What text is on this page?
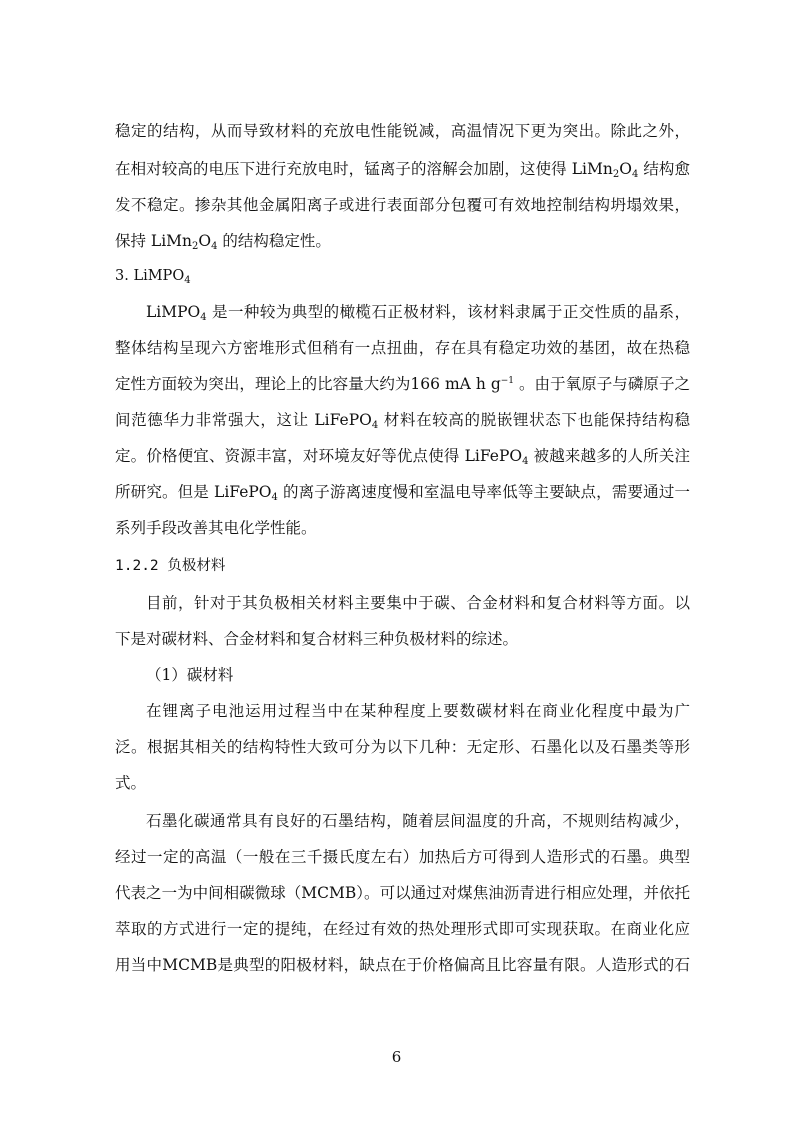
稳定的结构，从而导致材料的充放电性能锐减，高温情况下更为突出。除此之外，
在相对较高的电压下进行充放电时，锰离子的溶解会加剧，这使得 $LiMn_2O_4$ 结构愈
发不稳定。掺杂其他金属阳离子或进行表面部分包覆可有效地控制结构坍塌效果，
保持 $LiMn_2O_4$ 的结构稳定性。
3. LiMPO$_4$
LiMPO$_4$ 是一种较为典型的橄榄石正极材料，该材料隶属于正交性质的晶系，
整体结构呈现六方密堆形式但稍有一点扭曲，存在具有稳定功效的基团，故在热稳
定性方面较为突出，理论上的比容量大约为166 mA h $g^{-1}$ 。由于氧原子与磷原子之
间范德华力非常强大，这让 LiFePO$_4$ 材料在较高的脱嵌锂状态下也能保持结构稳
定。价格便宜、资源丰富，对环境友好等优点使得 LiFePO$_4$ 被越来越多的人所关注
所研究。但是 LiFePO$_4$ 的离子游离速度慢和室温电导率低等主要缺点，需要通过一
系列手段改善其电化学性能。
1.2.2 负极材料
目前，针对于其负极相关材料主要集中于碳、合金材料和复合材料等方面。以
下是对碳材料、合金材料和复合材料三种负极材料的综述。
（1）碳材料
在锂离子电池运用过程当中在某种程度上要数碳材料在商业化程度中最为广
泛。根据其相关的结构特性大致可分为以下几种：无定形、石墨化以及石墨类等形
式。
石墨化碳通常具有良好的石墨结构，随着层间温度的升高，不规则结构减少，
经过一定的高温（一般在三千摄氏度左右）加热后方可得到人造形式的石墨。典型
代表之一为中间相碳微球（MCMB）。可以通过对煤焦油沥青进行相应处理，并依托
萃取的方式进行一定的提纯，在经过有效的热处理形式即可实现获取。在商业化应
用当中MCMB是典型的阳极材料，缺点在于价格偏高且比容量有限。人造形式的石
6
